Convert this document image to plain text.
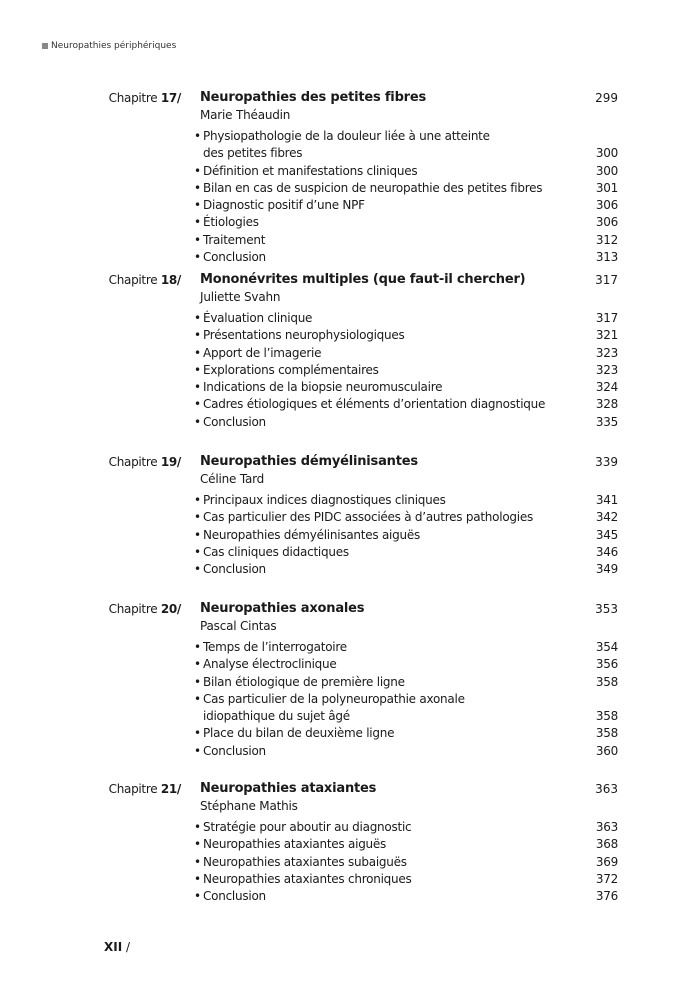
Neuropathies périphériques
Chapitre 17/ Neuropathies des petites fibres	299
Marie Théaudin
• Physiopathologie de la douleur liée à une atteinte des petites fibres	300
• Définition et manifestations cliniques	300
• Bilan en cas de suspicion de neuropathie des petites fibres	301
• Diagnostic positif d’une NPF	306
• Étiologies	306
• Traitement	312
• Conclusion	313
Chapitre 18/ Mononévrites multiples (que faut-il chercher)	317
Juliette Svahn
• Évaluation clinique	317
• Présentations neurophysiologiques	321
• Apport de l’imagerie	323
• Explorations complémentaires	323
• Indications de la biopsie neuromusculaire	324
• Cadres étiologiques et éléments d’orientation diagnostique	328
• Conclusion	335
Chapitre 19/ Neuropathies démyélinisantes	339
Céline Tard
• Principaux indices diagnostiques cliniques	341
• Cas particulier des PIDC associées à d’autres pathologies	342
• Neuropathies démyélinisantes aiguës	345
• Cas cliniques didactiques	346
• Conclusion	349
Chapitre 20/ Neuropathies axonales	353
Pascal Cintas
• Temps de l’interrogatoire	354
• Analyse électroclinique	356
• Bilan étiologique de première ligne	358
• Cas particulier de la polyneuropathie axonale idiopathique du sujet âgé	358
• Place du bilan de deuxième ligne	358
• Conclusion	360
Chapitre 21/ Neuropathies ataxiantes	363
Stéphane Mathis
• Stratégie pour aboutir au diagnostic	363
• Neuropathies ataxiantes aiguës	368
• Neuropathies ataxiantes subaiguës	369
• Neuropathies ataxiantes chroniques	372
• Conclusion	376
XII /
